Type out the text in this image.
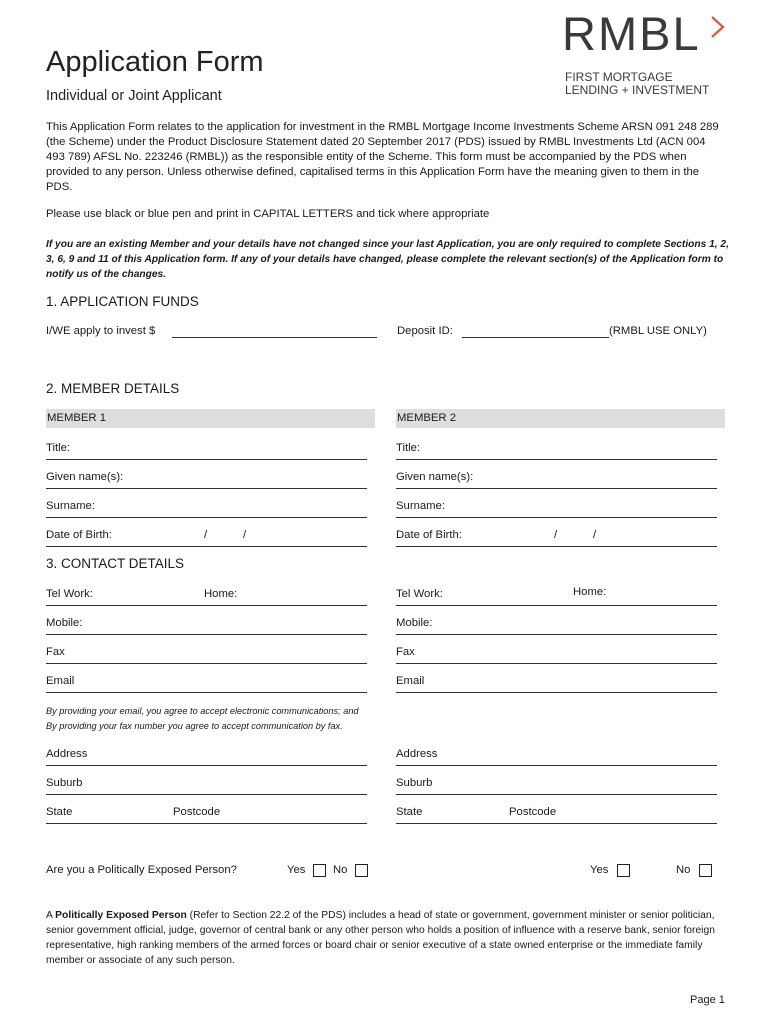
Application Form
Individual or Joint Applicant
RMBL
FIRST MORTGAGE
LENDING + INVESTMENT
This Application Form relates to the application for investment in the RMBL Mortgage Income Investments Scheme ARSN 091 248 289 (the Scheme) under the Product Disclosure Statement dated 20 September 2017 (PDS) issued by RMBL Investments Ltd (ACN 004 493 789) AFSL No. 223246 (RMBL)) as the responsible entity of the Scheme. This form must be accompanied by the PDS when provided to any person. Unless otherwise defined, capitalised terms in this Application Form have the meaning given to them in the PDS.
Please use black or blue pen and print in CAPITAL LETTERS and tick where appropriate
If you are an existing Member and your details have not changed since your last Application, you are only required to complete Sections 1, 2, 3, 6, 9 and 11 of this Application form. If any of your details have changed, please complete the relevant section(s) of the Application form to notify us of the changes.
1. APPLICATION FUNDS
I/WE apply to invest $	Deposit ID:	(RMBL USE ONLY)
2. MEMBER DETAILS
MEMBER 1	MEMBER 2
Title:	Title:
Given name(s):	Given name(s):
Surname:	Surname:
Date of Birth:	/	/	Date of Birth:	/	/
3. CONTACT DETAILS
Tel Work:	Home:	Tel Work:	Home:
Mobile:	Mobile:
Fax	Fax
Email	Email
By providing your email, you agree to accept electronic communications; and
By providing your fax number you agree to accept communication by fax.
Address	Address
Suburb	Suburb
State	Postcode	State	Postcode
Are you a Politically Exposed Person?	Yes No	Yes	No
A Politically Exposed Person (Refer to Section 22.2 of the PDS) includes a head of state or government, government minister or senior politician, senior government official, judge, governor of central bank or any other person who holds a position of influence with a reserve bank, senior foreign representative, high ranking members of the armed forces or board chair or senior executive of a state owned enterprise or the immediate family member or associate of any such person.
Page 1
